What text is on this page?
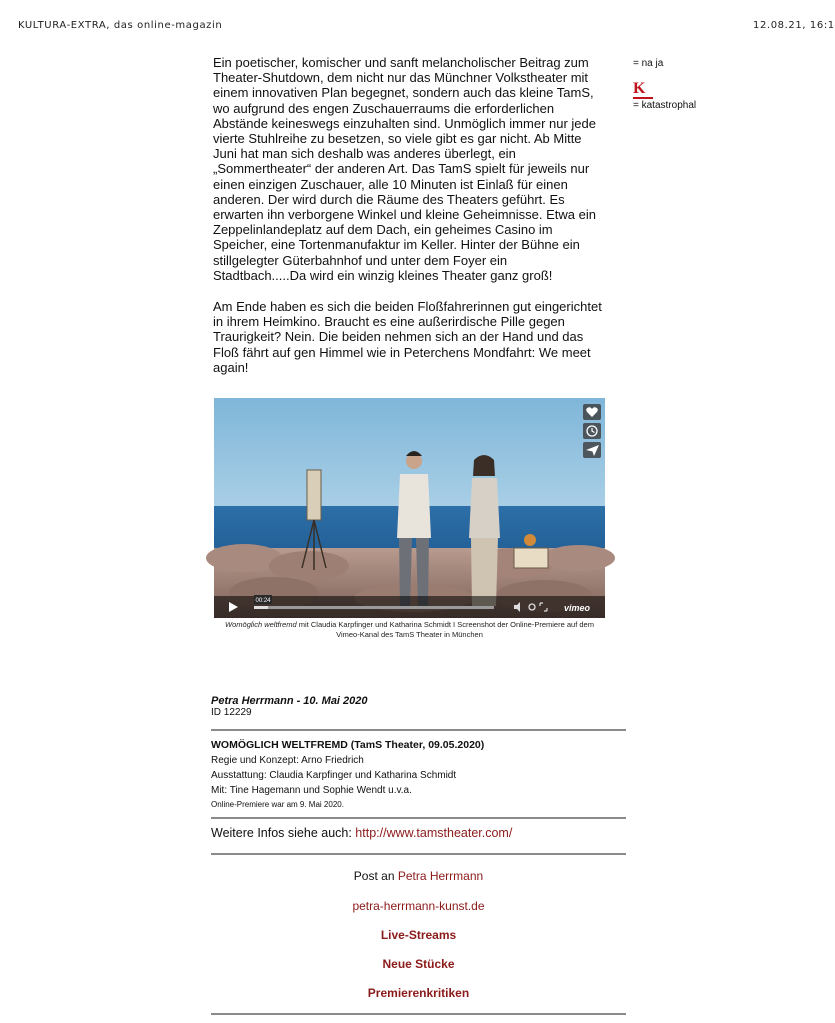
KULTURA-EXTRA, das online-magazin	12.08.21, 16:1

Ein poetischer, komischer und sanft melancholischer Beitrag zum Theater-Shutdown, dem nicht nur das Münchner Volkstheater mit einem innovativen Plan begegnet, sondern auch das kleine TamS, wo aufgrund des engen Zuschauerraums die erforderlichen Abstände keineswegs einzuhalten sind. Unmöglich immer nur jede vierte Stuhlreihe zu besetzen, so viele gibt es gar nicht. Ab Mitte Juni hat man sich deshalb was anderes überlegt, ein „Sommertheater“ der anderen Art. Das TamS spielt für jeweils nur einen einzigen Zuschauer, alle 10 Minuten ist Einlaß für einen anderen. Der wird durch die Räume des Theaters geführt. Es erwarten ihn verborgene Winkel und kleine Geheimnisse. Etwa ein Zeppelinlandeplatz auf dem Dach, ein geheimes Casino im Speicher, eine Tortenmanufaktur im Keller. Hinter der Bühne ein stillgelegter Güterbahnhof und unter dem Foyer ein Stadtbach.....Da wird ein winzig kleines Theater ganz groß!

Am Ende haben es sich die beiden Floßfahrerinnen gut eingerichtet in ihrem Heimkino. Braucht es eine außerirdische Pille gegen Traurigkeit? Nein. Die beiden nehmen sich an der Hand und das Floß fährt auf gen Himmel wie in Peterchens Mondfahrt: We meet again!

= na ja
K
= katastrophal
00:24
vimeo
Womöglich weltfremd mit Claudia Karpfinger und Katharina Schmidt I Screenshot der Online-Premiere auf dem Vimeo-Kanal des TamS Theater in München
Petra Herrmann - 10. Mai 2020
ID 12229
WOMÖGLICH WELTFREMD (TamS Theater, 09.05.2020)
Regie und Konzept: Arno Friedrich
Ausstattung: Claudia Karpfinger und Katharina Schmidt
Mit: Tine Hagemann und Sophie Wendt u.v.a.
Online-Premiere war am 9. Mai 2020.
Weitere Infos siehe auch: http://www.tamstheater.com/
Post an Petra Herrmann
petra-herrmann-kunst.de
Live-Streams
Neue Stücke
Premierenkritiken
